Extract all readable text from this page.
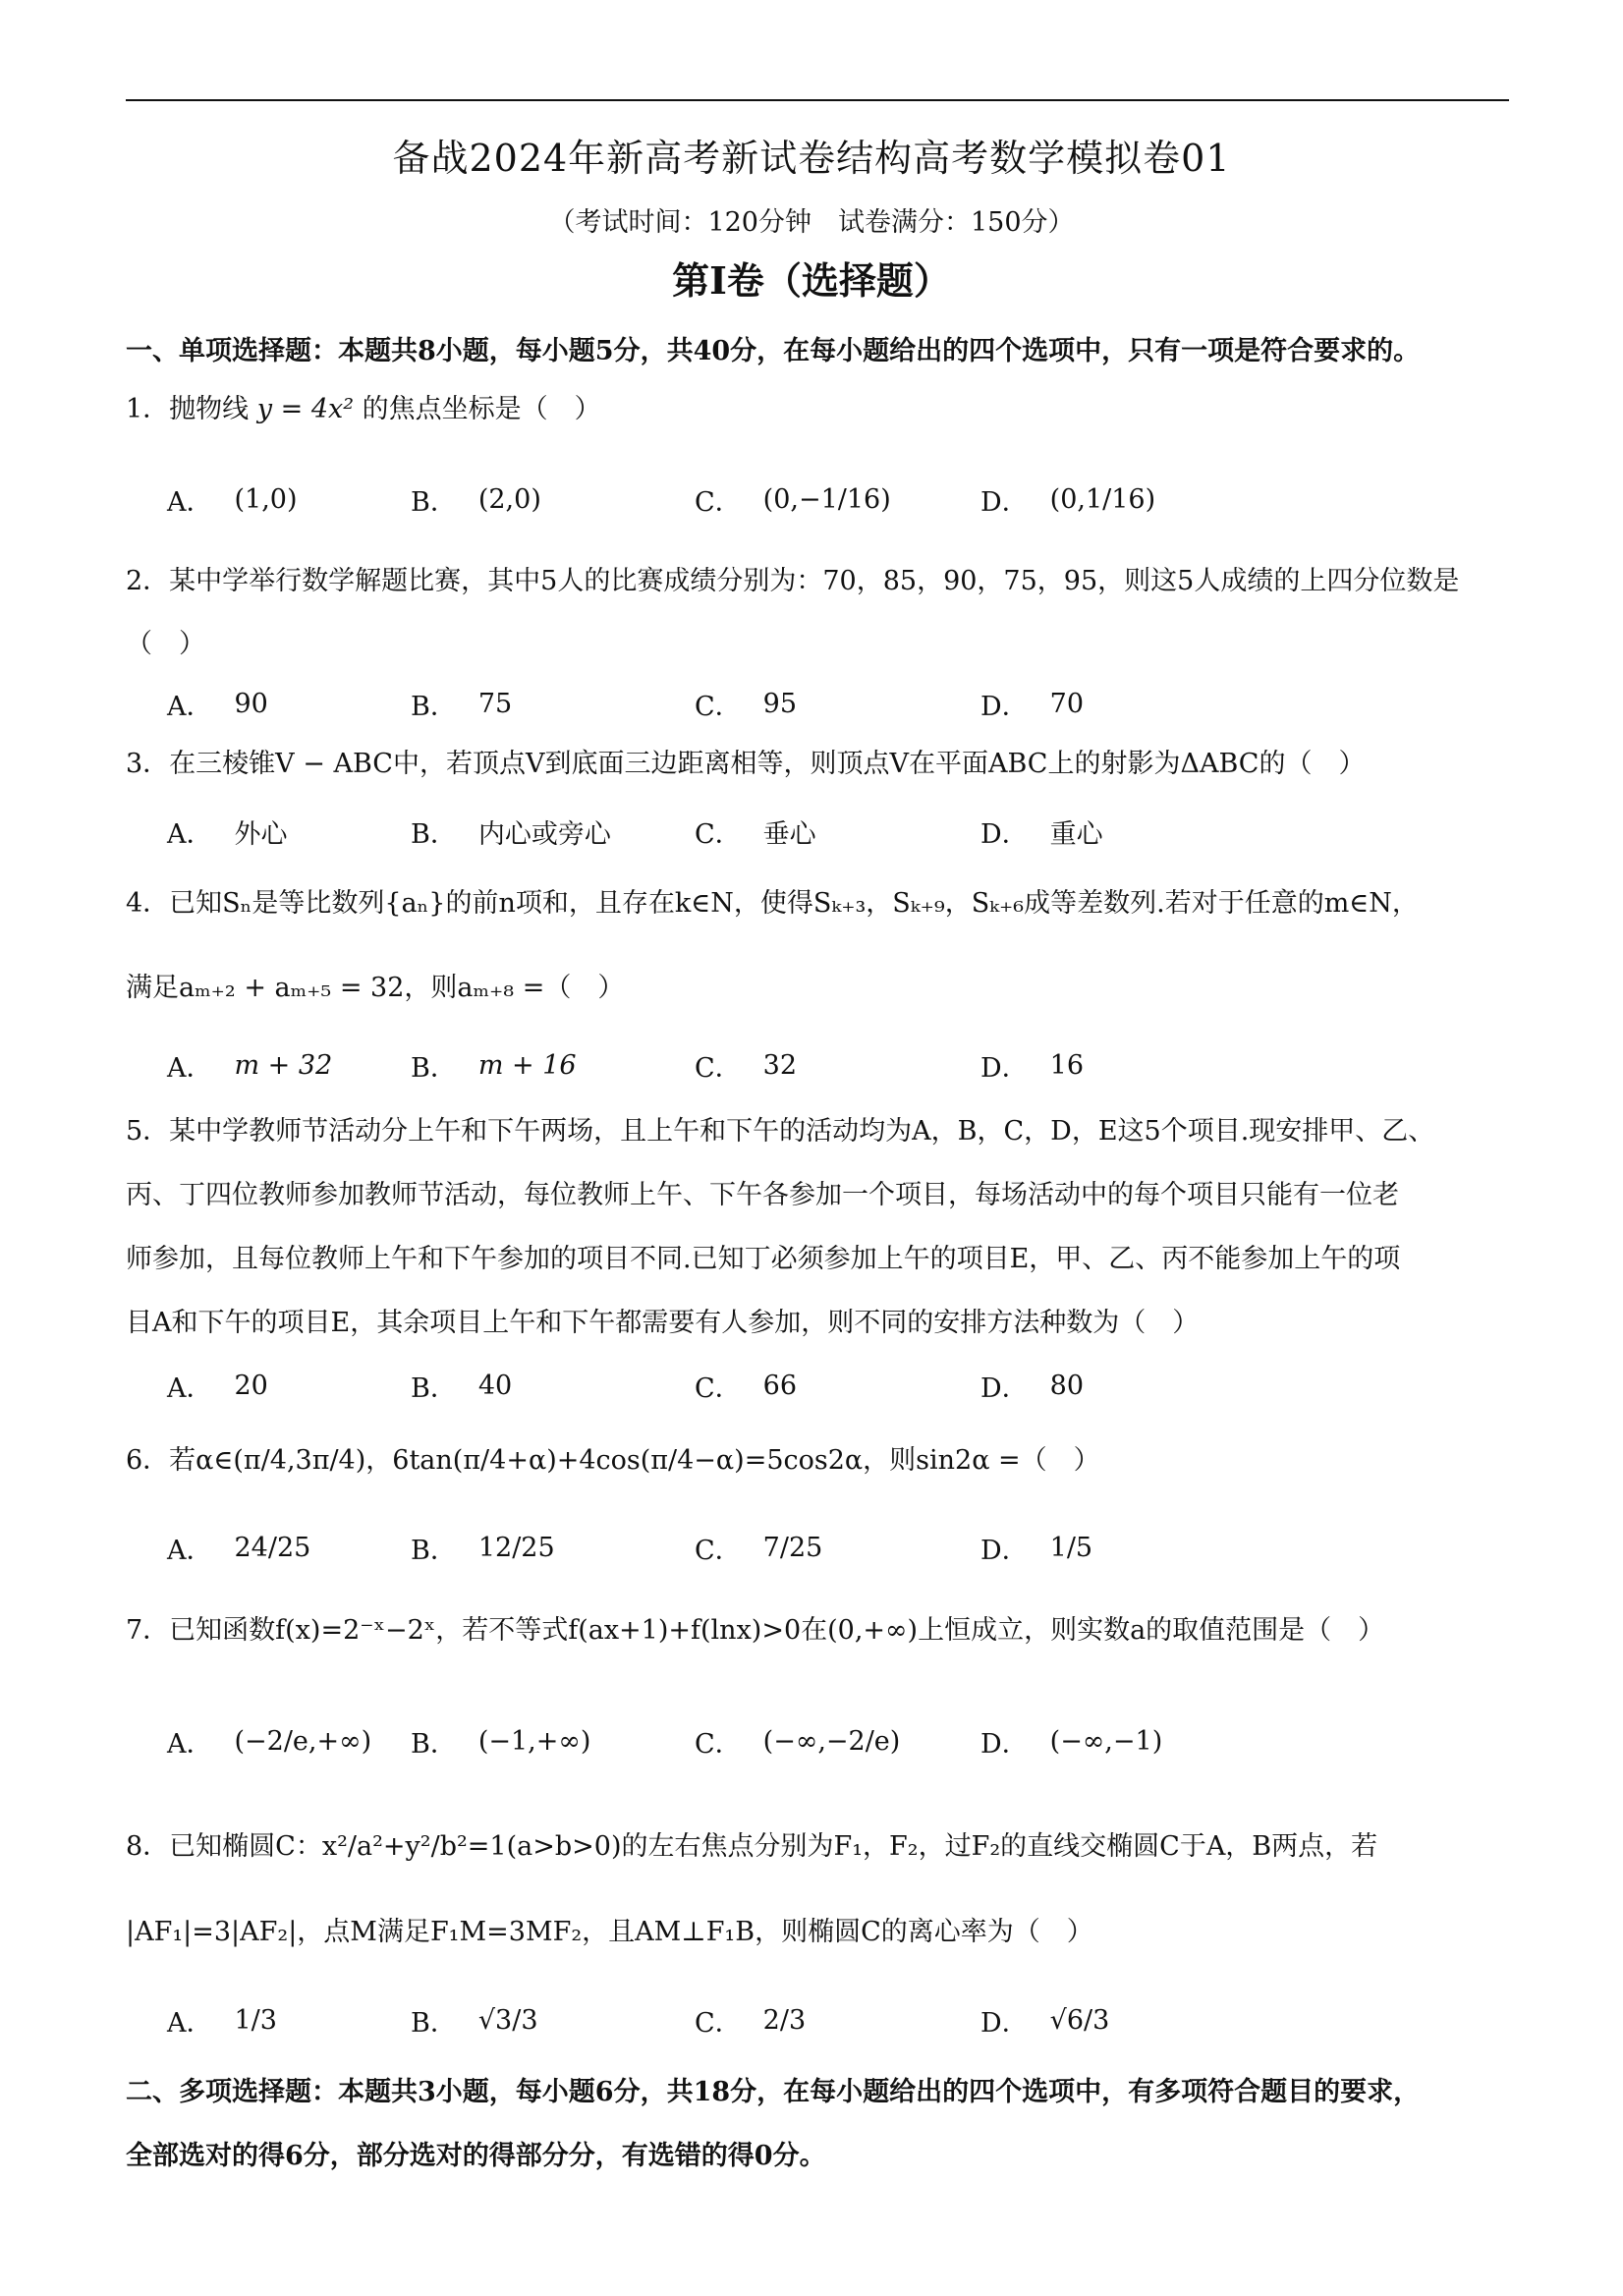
备战2024年新高考新试卷结构高考数学模拟卷01
（考试时间：120分钟　试卷满分：150分）
第I卷（选择题）
一、单项选择题：本题共8小题，每小题5分，共40分，在每小题给出的四个选项中，只有一项是符合要求的。

1．抛物线 y = 4x² 的焦点坐标是（　）

A． (1,0)	B． (2,0)	C． (0,−1/16)	D． (0,1/16)
2．某中学举行数学解题比赛，其中5人的比赛成绩分别为：70，85，90，75，95，则这5人成绩的上四分位数是（　）
A． 90	B． 75	C． 95	D． 70
3．在三棱锥V − ABC中，若顶点V到底面三边距离相等，则顶点V在平面ABC上的射影为ΔABC的（　）
A． 外心	B． 内心或旁心	C． 垂心	D． 重心
4．已知Sₙ是等比数列{aₙ}的前n项和，且存在k∈N，使得Sₖ₊₃，Sₖ₊₉，Sₖ₊₆成等差数列.若对于任意的m∈N，
满足aₘ₊₂ + aₘ₊₅ = 32，则aₘ₊₈ =（　）
A． m + 32	B． m + 16	C． 32	D． 16
5．某中学教师节活动分上午和下午两场，且上午和下午的活动均为A，B，C，D，E这5个项目.现安排甲、乙、
丙、丁四位教师参加教师节活动，每位教师上午、下午各参加一个项目，每场活动中的每个项目只能有一位老
师参加，且每位教师上午和下午参加的项目不同.已知丁必须参加上午的项目E，甲、乙、丙不能参加上午的项
目A和下午的项目E，其余项目上午和下午都需要有人参加，则不同的安排方法种数为（　）
A． 20	B． 40	C． 66	D． 80
6．若α∈(π/4,3π/4)，6tan(π/4+α)+4cos(π/4−α)=5cos2α，则sin2α =（　）
A． 24/25	B． 12/25	C． 7/25	D． 1/5
7．已知函数f(x)=2⁻ˣ−2ˣ，若不等式f(ax+1)+f(lnx)>0在(0,+∞)上恒成立，则实数a的取值范围是（　）
A． (−2/e,+∞) B． (−1,+∞)	C． (−∞,−2/e)	D． (−∞,−1)
8．已知椭圆C：x²/a²+y²/b²=1(a>b>0)的左右焦点分别为F₁，F₂，过F₂的直线交椭圆C于A，B两点，若
|AF₁|=3|AF₂|，点M满足F₁M=3MF₂，且AM⊥F₁B，则椭圆C的离心率为（　）
A． 1/3	B． √3/3	C． 2/3	D． √6/3
二、多项选择题：本题共3小题，每小题6分，共18分，在每小题给出的四个选项中，有多项符合题目的要求，
全部选对的得6分，部分选对的得部分分，有选错的得0分。
